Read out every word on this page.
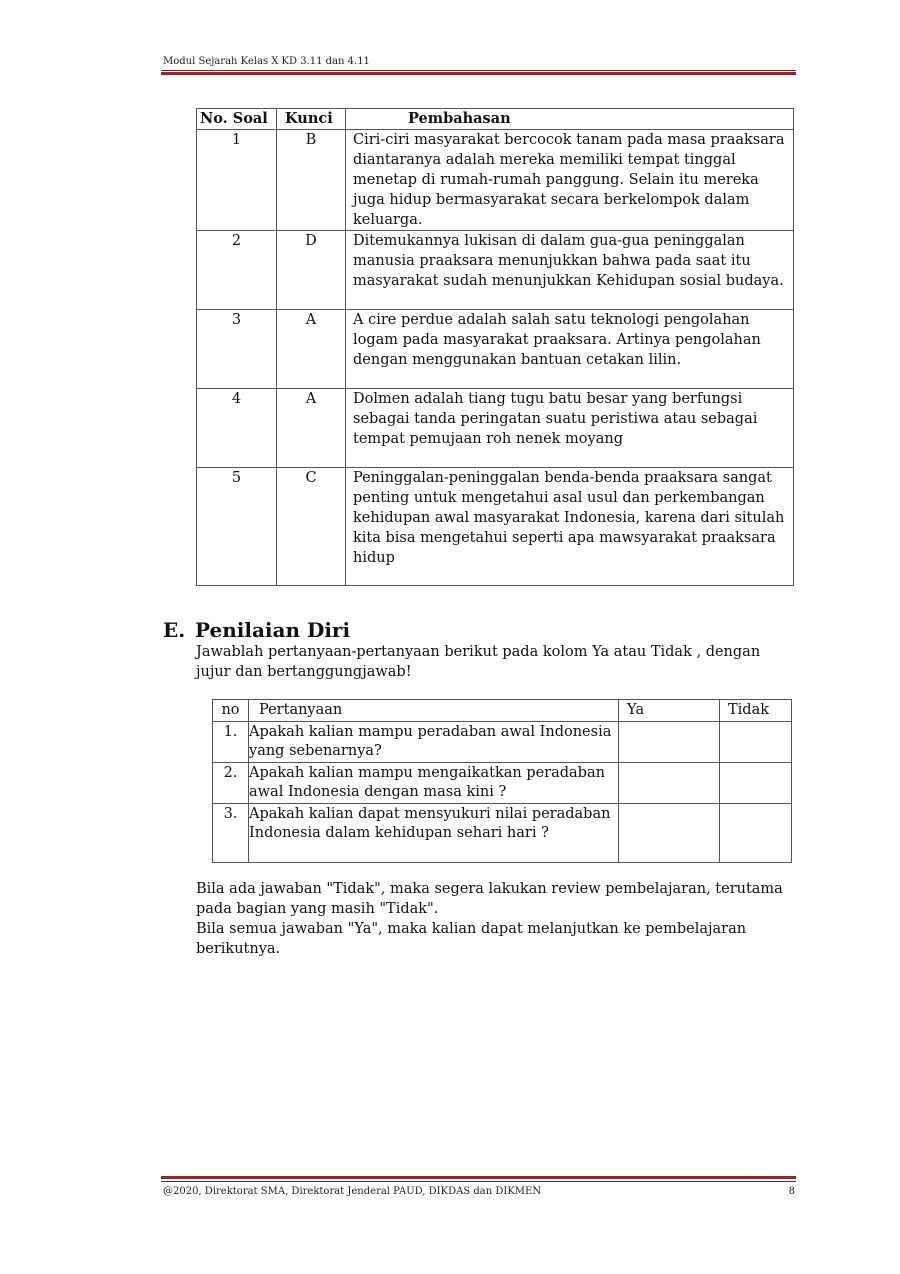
Modul Sejarah Kelas X KD 3.11 dan 4.11
No. Soal	Kunci	Pembahasan
1	B	Ciri-ciri masyarakat bercocok tanam pada masa praaksara diantaranya adalah mereka memiliki tempat tinggal menetap di rumah-rumah panggung. Selain itu mereka juga hidup bermasyarakat secara berkelompok dalam keluarga.
2	D	Ditemukannya lukisan di dalam gua-gua peninggalan manusia praaksara menunjukkan bahwa pada saat itu masyarakat sudah menunjukkan Kehidupan sosial budaya.
3	A	A cire perdue adalah salah satu teknologi pengolahan logam pada masyarakat praaksara. Artinya pengolahan dengan menggunakan bantuan cetakan lilin.
4	A	Dolmen adalah tiang tugu batu besar yang berfungsi sebagai tanda peringatan suatu peristiwa atau sebagai tempat pemujaan roh nenek moyang
5	C	Peninggalan-peninggalan benda-benda praaksara sangat penting untuk mengetahui asal usul dan perkembangan kehidupan awal masyarakat Indonesia, karena dari situlah kita bisa mengetahui seperti apa mawsyarakat praaksara hidup
E. Penilaian Diri
Jawablah pertanyaan-pertanyaan berikut pada kolom Ya atau Tidak , dengan jujur dan bertanggungjawab!
no	Pertanyaan	Ya	Tidak
1.	Apakah kalian mampu peradaban awal Indonesia yang sebenarnya?		
2.	Apakah kalian mampu mengaikatkan peradaban awal Indonesia dengan masa kini ?		
3.	Apakah kalian dapat mensyukuri nilai peradaban Indonesia dalam kehidupan sehari hari ?		
Bila ada jawaban "Tidak", maka segera lakukan review pembelajaran, terutama pada bagian yang masih "Tidak".
Bila semua jawaban "Ya", maka kalian dapat melanjutkan ke pembelajaran berikutnya.
@2020, Direktorat SMA, Direktorat Jenderal PAUD, DIKDAS dan DIKMEN	8
